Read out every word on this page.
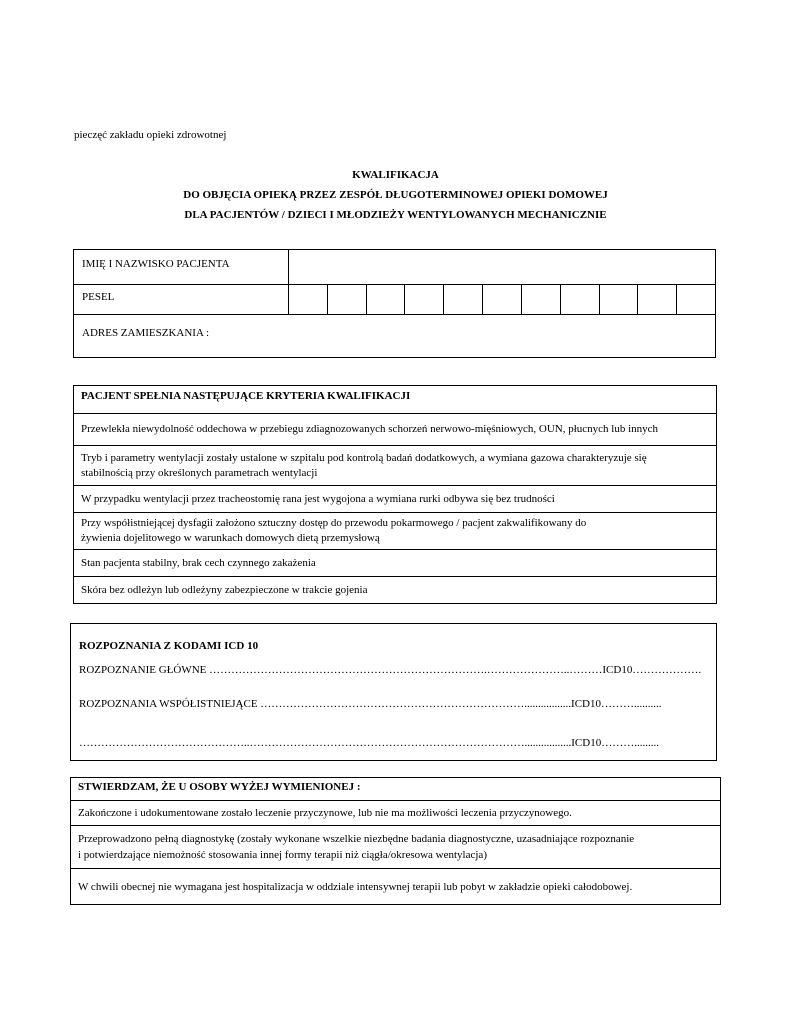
pieczęć zakładu opieki zdrowotnej
KWALIFIKACJA
DO OBJĘCIA OPIEKĄ PRZEZ ZESPÓŁ DŁUGOTERMINOWEJ OPIEKI DOMOWEJ
DLA PACJENTÓW / DZIECI I MŁODZIEŻY WENTYLOWANYCH MECHANICZNIE
IMIĘ I NAZWISKO PACJENTA
PESEL
ADRES ZAMIESZKANIA :
PACJENT SPEŁNIA NASTĘPUJĄCE KRYTERIA KWALIFIKACJI
Przewlekła niewydolność oddechowa w przebiegu zdiagnozowanych schorzeń nerwowo-mięśniowych, OUN, płucnych lub innych
Tryb i parametry wentylacji zostały ustalone w szpitalu pod kontrolą badań dodatkowych, a wymiana gazowa charakteryzuje się
stabilnością przy określonych parametrach wentylacji
W przypadku wentylacji przez tracheostomię rana jest wygojona a wymiana rurki odbywa się bez trudności
Przy współistniejącej dysfagii założono sztuczny dostęp do przewodu pokarmowego / pacjent zakwalifikowany do
żywienia dojelitowego w warunkach domowych dietą przemysłową
Stan pacjenta stabilny, brak cech czynnego zakażenia
Skóra bez odleżyn lub odleżyny zabezpieczone w trakcie gojenia
ROZPOZNANIA Z KODAMI ICD 10
ROZPOZNANIE GŁÓWNE ………………………………………………………………….…………………..………ICD10……………….
ROZPOZNANIA WSPÓŁISTNIEJĄCE ……………………………………………………………….................ICD10………..........
………………………………………..………………………………………………………………….................ICD10……….........
STWIERDZAM, ŻE U OSOBY WYŻEJ WYMIENIONEJ :
Zakończone i udokumentowane zostało leczenie przyczynowe, lub nie ma możliwości leczenia przyczynowego.
Przeprowadzono pełną diagnostykę (zostały wykonane wszelkie niezbędne badania diagnostyczne, uzasadniające rozpoznanie
i potwierdzające niemożność stosowania innej formy terapii niż ciągła/okresowa wentylacja)
W chwili obecnej nie wymagana jest hospitalizacja w oddziale intensywnej terapii lub pobyt w zakładzie opieki całodobowej.
